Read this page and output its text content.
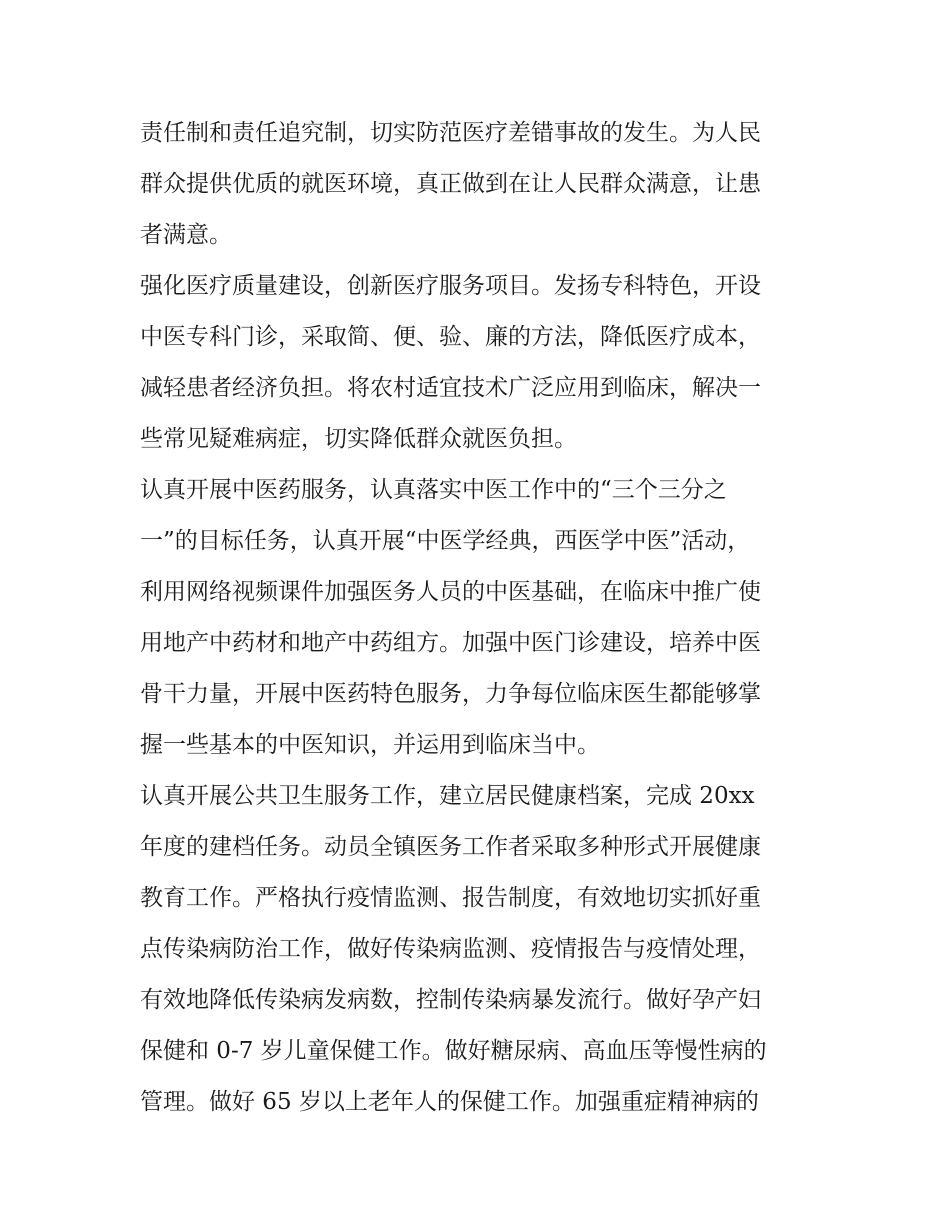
责任制和责任追究制，切实防范医疗差错事故的发生。为人民
群众提供优质的就医环境，真正做到在让人民群众满意，让患
者满意。
强化医疗质量建设，创新医疗服务项目。发扬专科特色，开设
中医专科门诊，采取简、便、验、廉的方法，降低医疗成本，
减轻患者经济负担。将农村适宜技术广泛应用到临床，解决一
些常见疑难病症，切实降低群众就医负担。
认真开展中医药服务，认真落实中医工作中的“三个三分之
一”的目标任务，认真开展“中医学经典，西医学中医”活动，
利用网络视频课件加强医务人员的中医基础，在临床中推广使
用地产中药材和地产中药组方。加强中医门诊建设，培养中医
骨干力量，开展中医药特色服务，力争每位临床医生都能够掌
握一些基本的中医知识，并运用到临床当中。
认真开展公共卫生服务工作，建立居民健康档案，完成 20xx
年度的建档任务。动员全镇医务工作者采取多种形式开展健康
教育工作。严格执行疫情监测、报告制度，有效地切实抓好重
点传染病防治工作，做好传染病监测、疫情报告与疫情处理，
有效地降低传染病发病数，控制传染病暴发流行。做好孕产妇
保健和 0-7 岁儿童保健工作。做好糖尿病、高血压等慢性病的
管理。做好 65 岁以上老年人的保健工作。加强重症精神病的
